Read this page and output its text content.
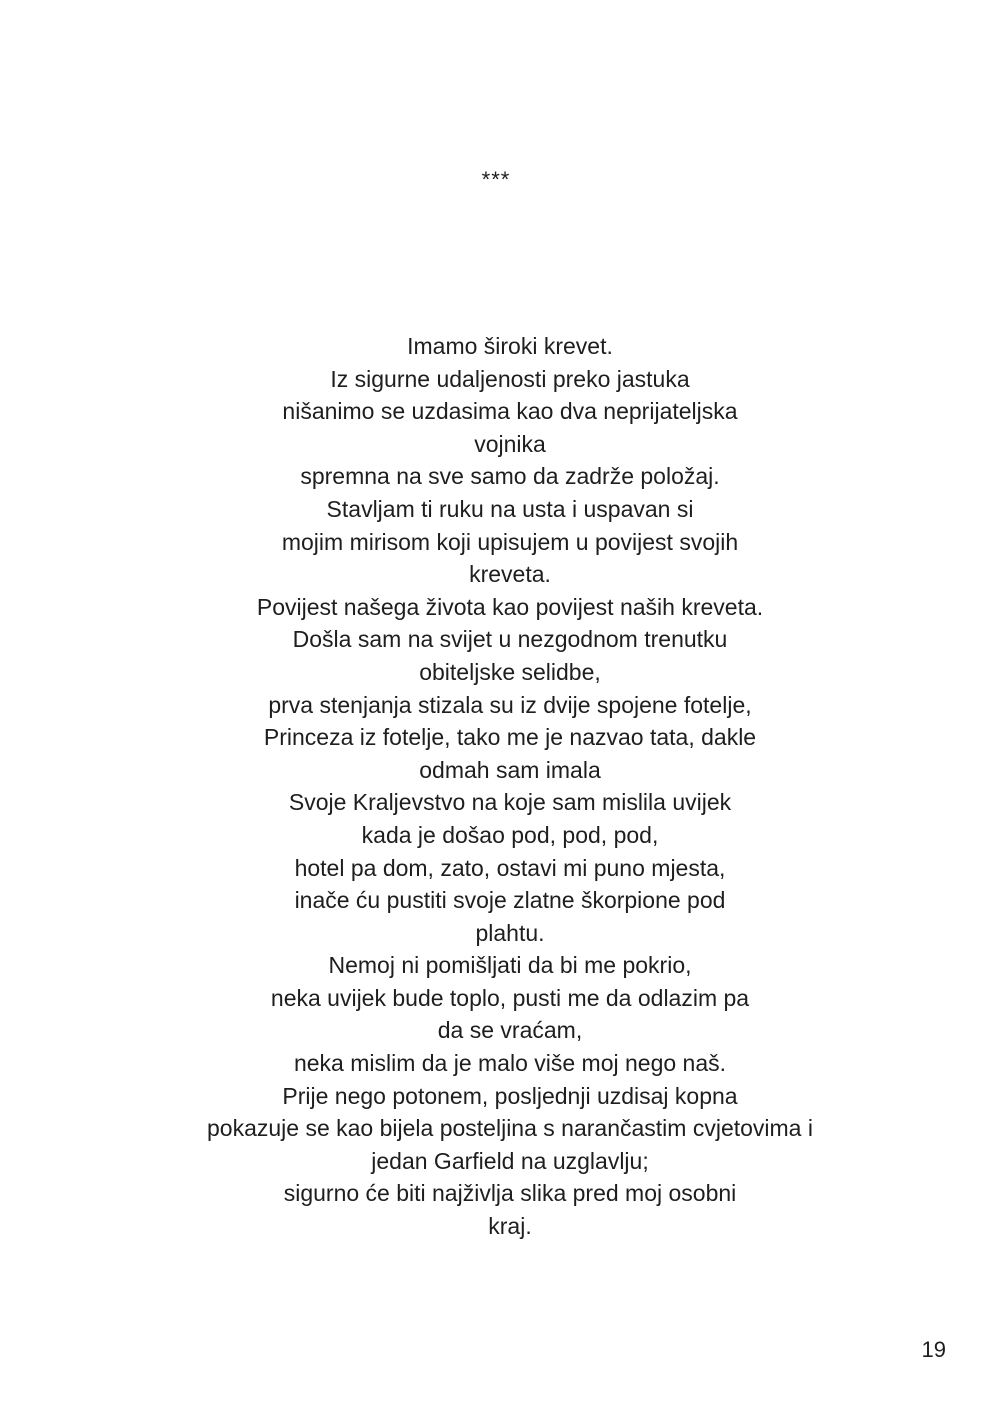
***
Imamo široki krevet.
Iz sigurne udaljenosti preko jastuka
nišanimo se uzdasima kao dva neprijateljska
vojnika
spremna na sve samo da zadrže položaj.
Stavljam ti ruku na usta i uspavan si
mojim mirisom koji upisujem u povijest svojih
kreveta.
Povijest našega života kao povijest naših kreveta.
Došla sam na svijet u nezgodnom trenutku
obiteljske selidbe,
prva stenjanja stizala su iz dvije spojene fotelje,
Princeza iz fotelje, tako me je nazvao tata, dakle
odmah sam imala
Svoje Kraljevstvo na koje sam mislila uvijek
kada je došao pod, pod, pod,
hotel pa dom, zato, ostavi mi puno mjesta,
inače ću pustiti svoje zlatne škorpione pod
plahtu.
Nemoj ni pomišljati da bi me pokrio,
neka uvijek bude toplo, pusti me da odlazim pa
da se vraćam,
neka mislim da je malo više moj nego naš.
Prije nego potonem, posljednji uzdisaj kopna
pokazuje se kao bijela posteljina s narančastim cvjetovima i
jedan Garfield na uzglavlju;
sigurno će biti najživlja slika pred moj osobni
kraj.
19
